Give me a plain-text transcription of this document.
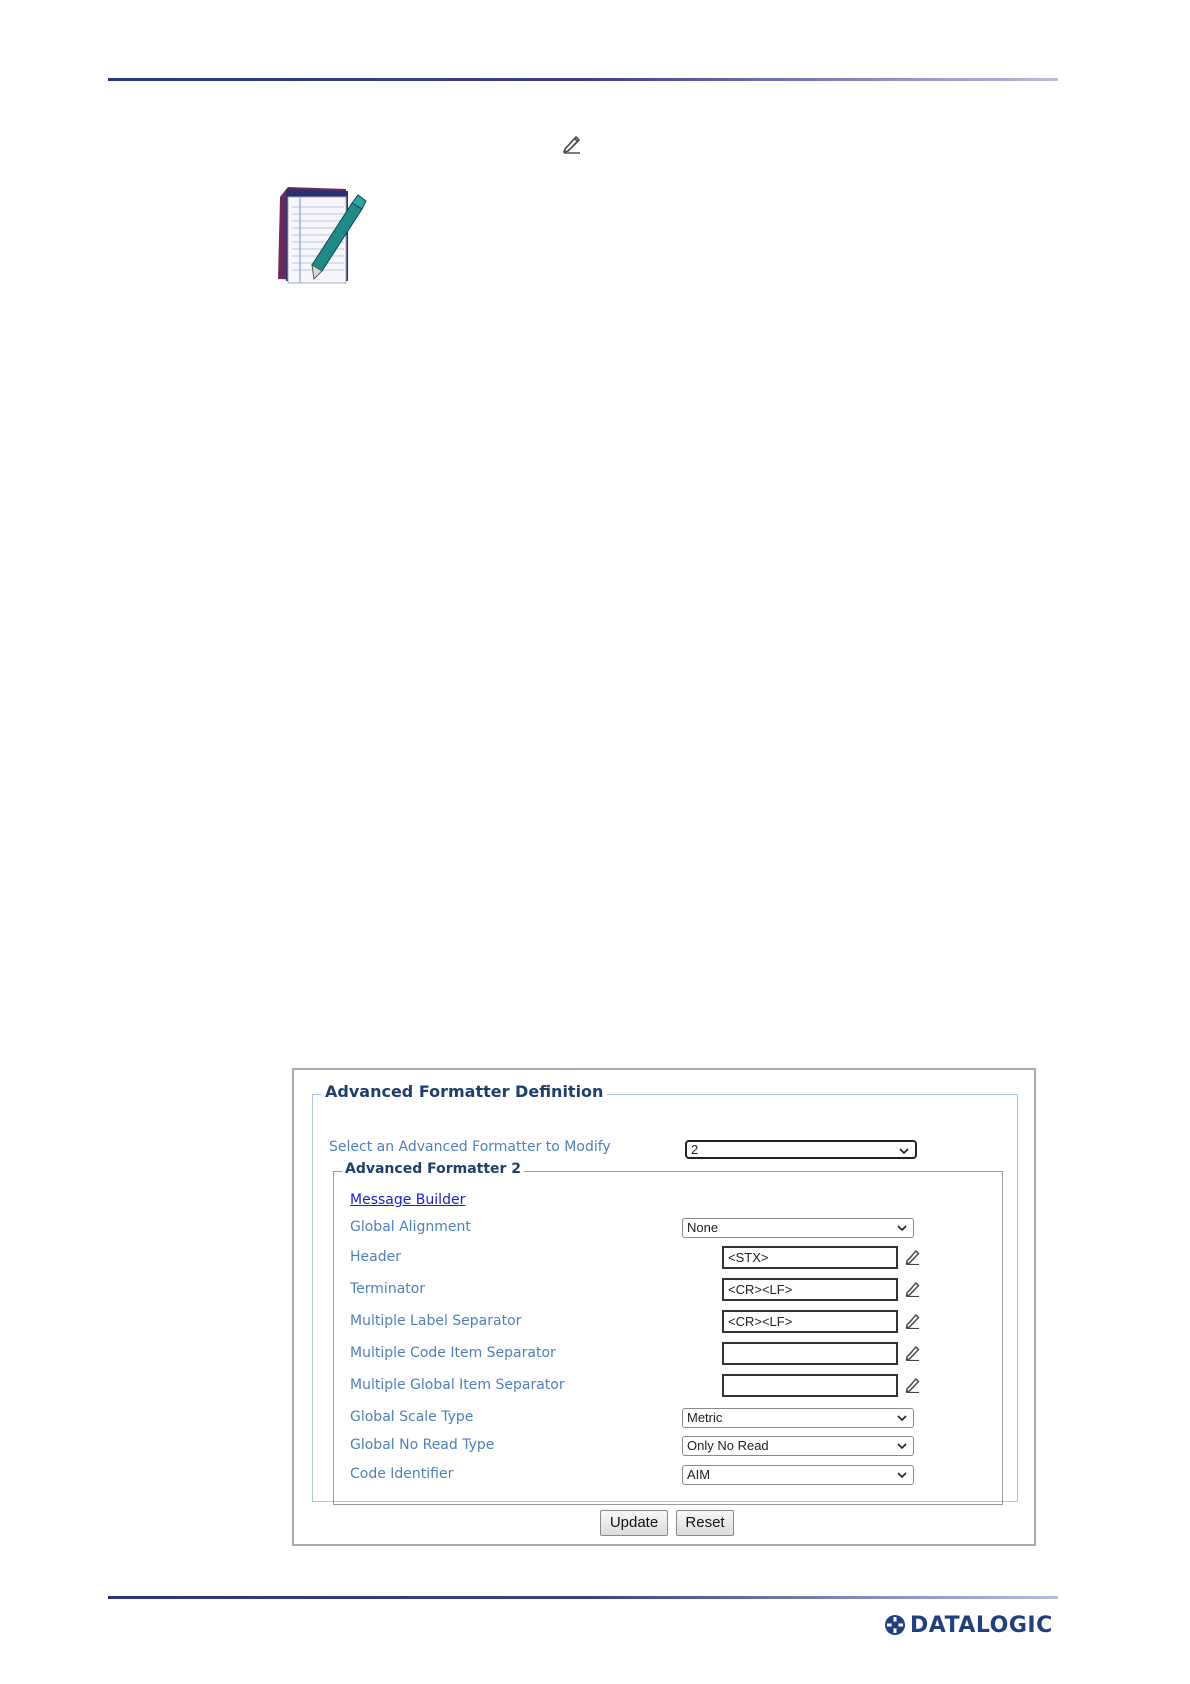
Advanced Formatter Definition
Select an Advanced Formatter to Modify	2
Advanced Formatter 2
Message Builder
Global Alignment	None
Header	<STX>
Terminator	<CR><LF>
Multiple Label Separator	<CR><LF>
Multiple Code Item Separator
Multiple Global Item Separator
Global Scale Type	Metric
Global No Read Type	Only No Read
Code Identifier	AIM
Update	Reset
DATALOGIC
